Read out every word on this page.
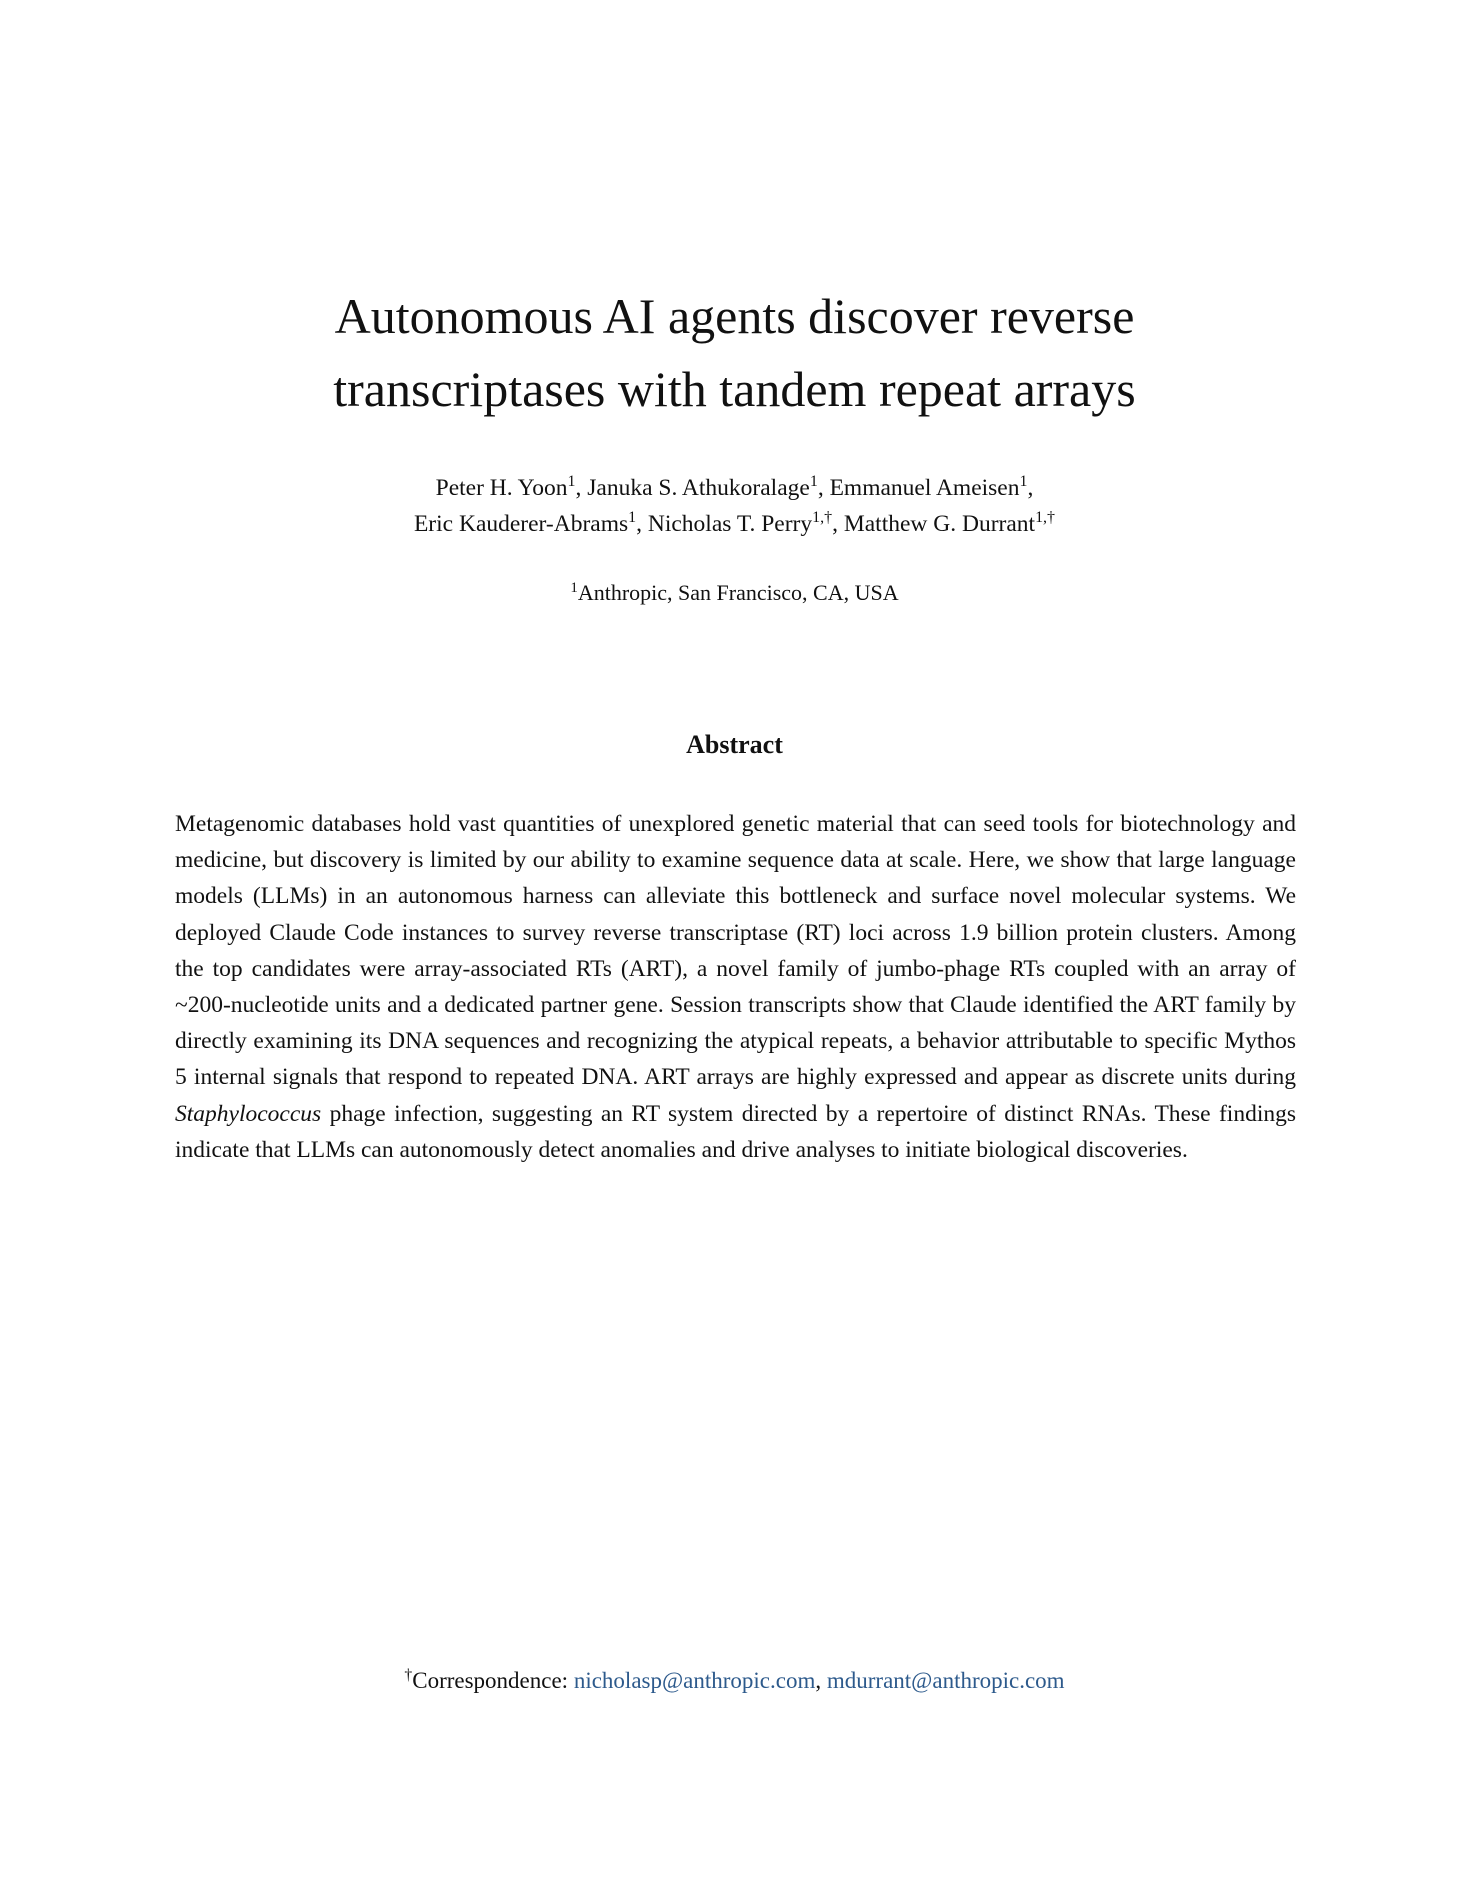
Autonomous AI agents discover reverse
transcriptases with tandem repeat arrays
Peter H. Yoon$^1$, Januka S. Athukoralage$^1$, Emmanuel Ameisen$^1$,
Eric Kauderer-Abrams$^1$, Nicholas T. Perry$^{1,\dagger}$, Matthew G. Durrant$^{1,\dagger}$
$^1$Anthropic, San Francisco, CA, USA
Abstract

Metagenomic databases hold vast quantities of unexplored genetic material that can seed tools for biotechnology and medicine, but discovery is limited by our ability to examine sequence data at scale. Here, we show that large language models (LLMs) in an autonomous harness can alleviate this bottleneck and surface novel molecular systems. We deployed Claude Code instances to survey reverse transcriptase (RT) loci across 1.9 billion protein clusters. Among the top candidates were array-associated RTs (ART), a novel family of jumbo-phage RTs coupled with an array of ~200-nucleotide units and a dedicated partner gene. Session transcripts show that Claude identified the ART family by directly examining its DNA sequences and recognizing the atypical repeats, a behavior attributable to specific Mythos 5 internal signals that respond to repeated DNA. ART arrays are highly expressed and appear as discrete units during Staphylococcus phage infection, suggesting an RT system directed by a repertoire of distinct RNAs. These findings indicate that LLMs can autonomously detect anomalies and drive analyses to initiate biological discoveries.

†Correspondence: nicholasp@anthropic.com, mdurrant@anthropic.com
